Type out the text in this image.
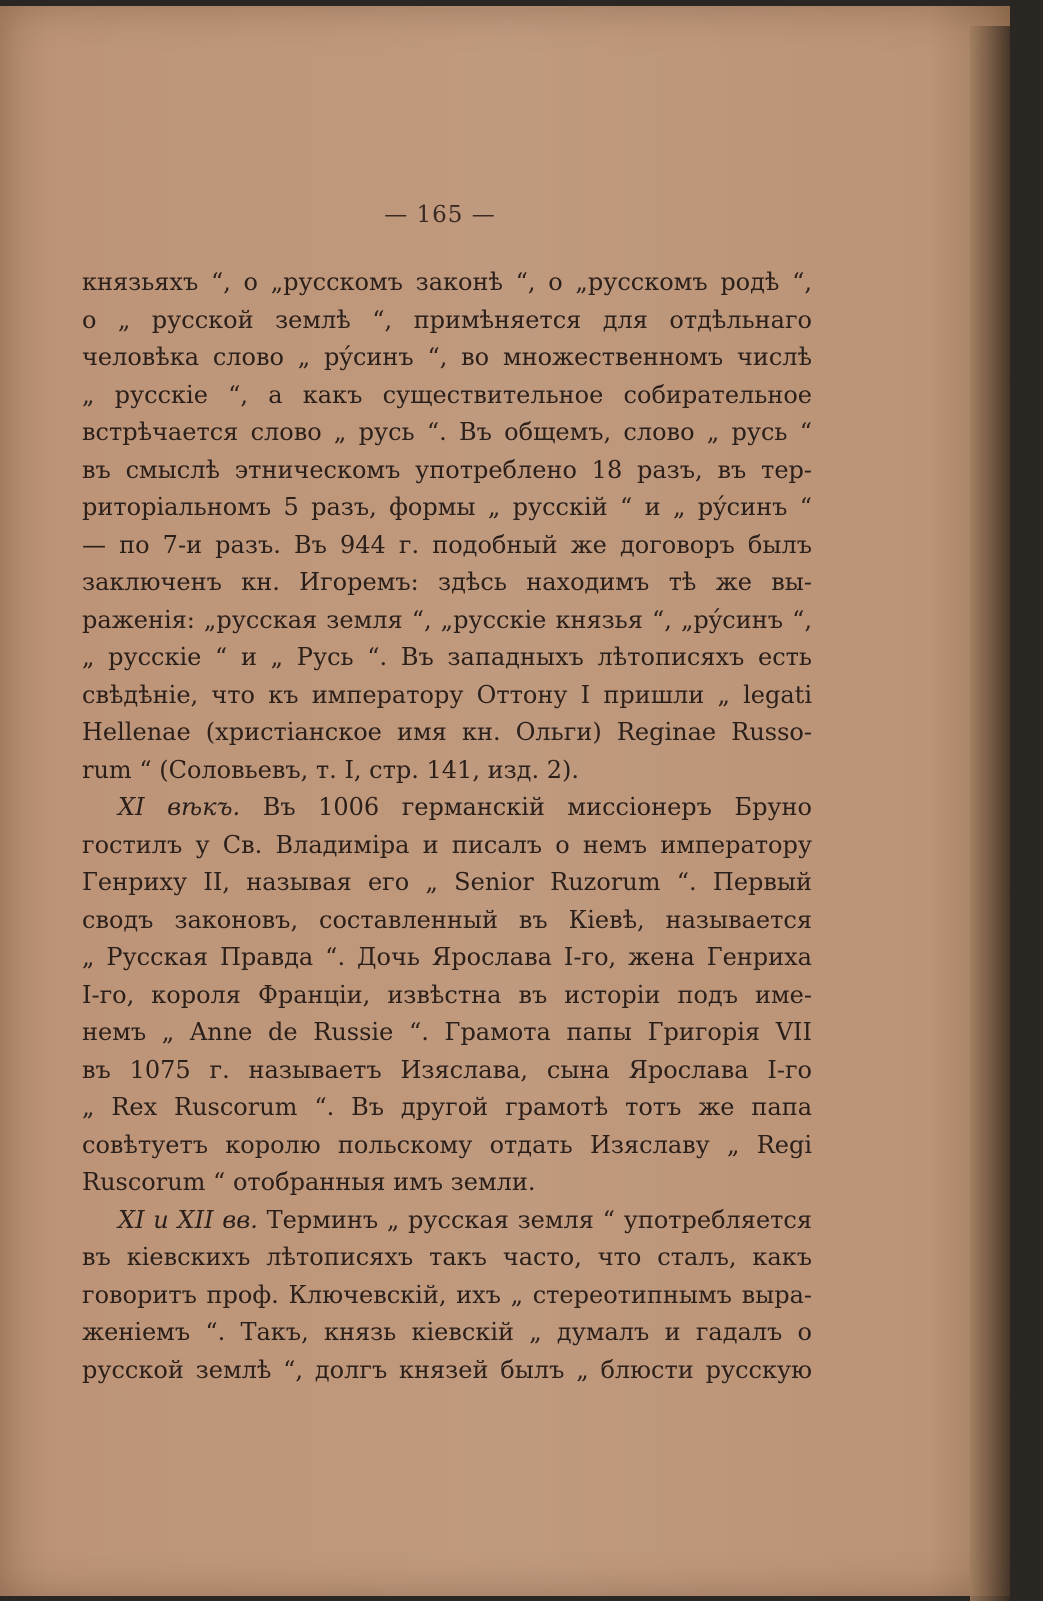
— 165 —
князьяхъ “, о „русскомъ законѣ “, о „русскомъ родѣ “,
о „ русской землѣ “, примѣняется для отдѣльнаго
человѣка слово „ рýсинъ “, во множественномъ числѣ
„ русскіе “, а какъ существительное собирательное
встрѣчается слово „ русь “. Въ общемъ, слово „ русь “
въ смыслѣ этническомъ употреблено 18 разъ, въ тер-
риторіальномъ 5 разъ, формы „ русскій “ и „ рýсинъ “
— по 7-и разъ. Въ 944 г. подобный же договоръ былъ
заключенъ кн. Игоремъ: здѣсь находимъ тѣ же вы-
раженія: „русская земля “, „русскіе князья “, „рýсинъ “,
„ русскіе “ и „ Русь “. Въ западныхъ лѣтописяхъ есть
свѣдѣніе, что къ императору Оттону I пришли „ legati
Hellenae (христіанское имя кн. Ольги) Reginae Russo-
rum “ (Соловьевъ, т. I, стр. 141, изд. 2).
XI вѣкъ. Въ 1006 германскій миссіонеръ Бруно
гостилъ у Св. Владиміра и писалъ о немъ императору
Генриху II, называя его „ Senior Ruzorum “. Первый
сводъ законовъ, составленный въ Кіевѣ, называется
„ Русская Правда “. Дочь Ярослава I-го, жена Генриха
I-го, короля Франціи, извѣстна въ исторіи подъ име-
немъ „ Anne de Russie “. Грамота папы Григорія VII
въ 1075 г. называетъ Изяслава, сына Ярослава I-го
„ Rex Ruscorum “. Въ другой грамотѣ тотъ же папа
совѣтуетъ королю польскому отдать Изяславу „ Regi
Ruscorum “ отобранныя имъ земли.
XI и XII вв. Терминъ „ русская земля “ употребляется
въ кіевскихъ лѣтописяхъ такъ часто, что сталъ, какъ
говоритъ проф. Ключевскій, ихъ „ стереотипнымъ выра-
женіемъ “. Такъ, князь кіевскій „ думалъ и гадалъ о
русской землѣ “, долгъ князей былъ „ блюсти русскую
